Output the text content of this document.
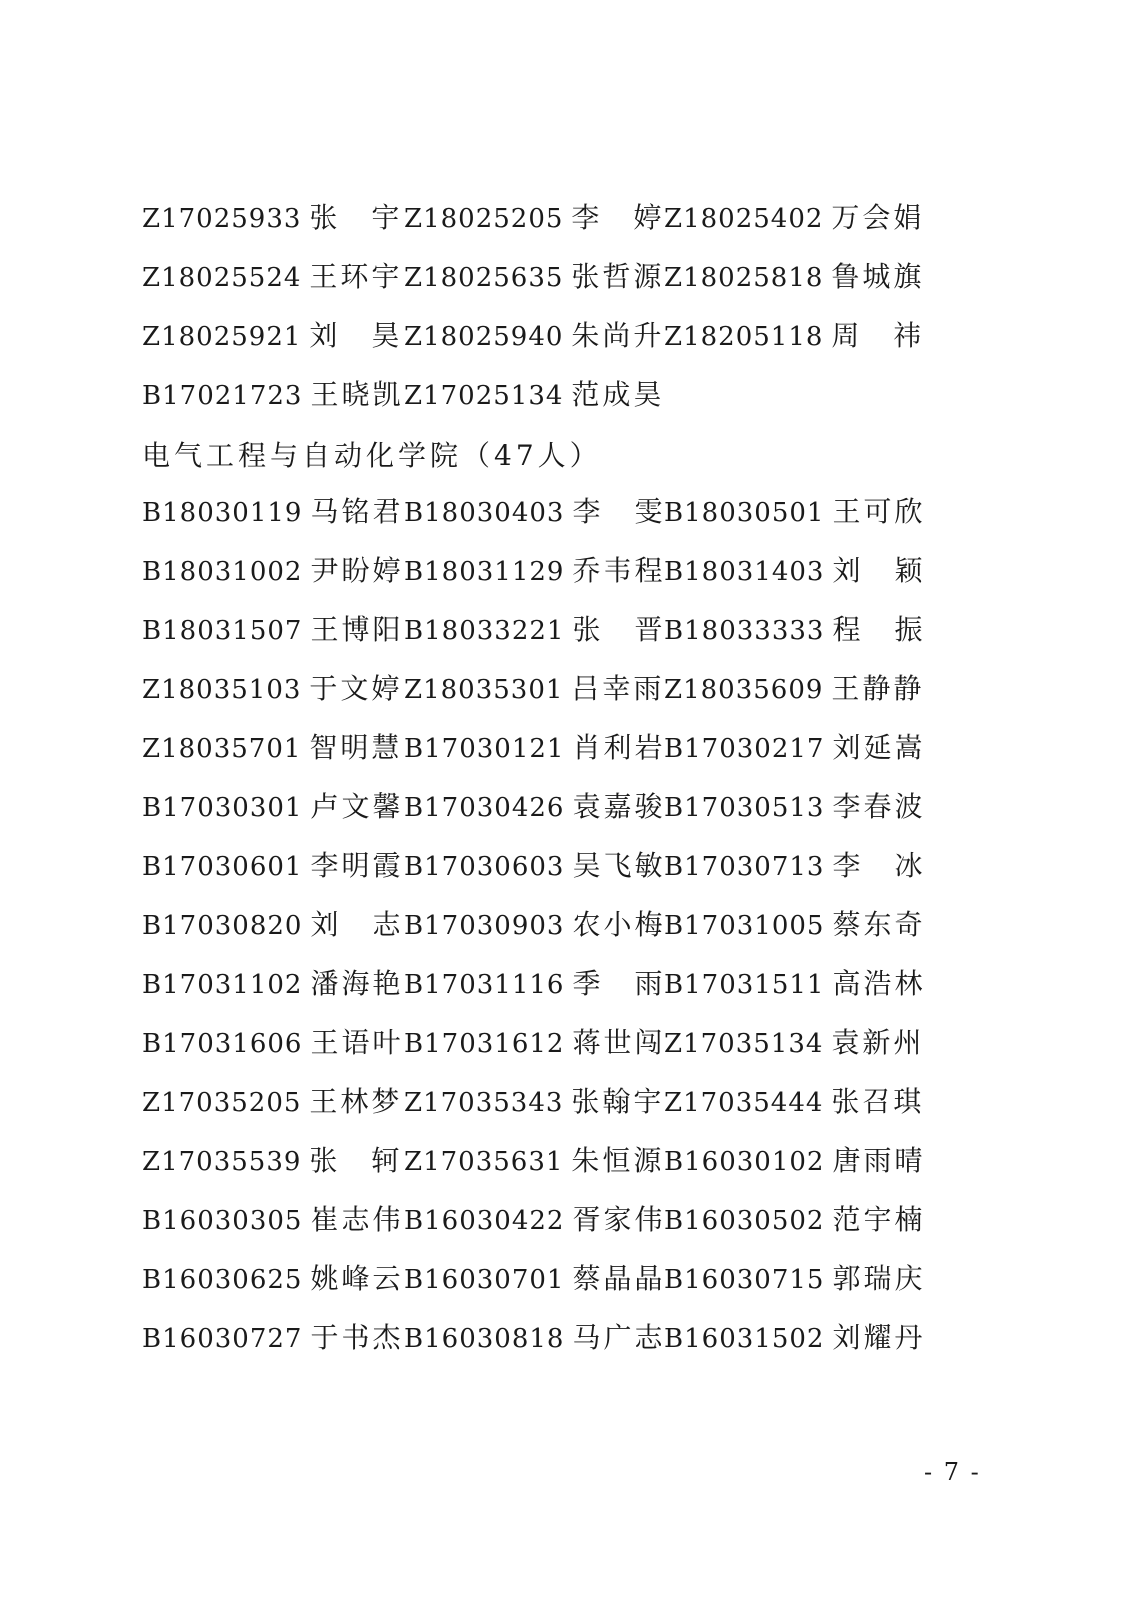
Z17025933 张　宇 Z18025205 李　婷 Z18025402 万会娟
Z18025524 王环宇 Z18025635 张哲源 Z18025818 鲁城旗
Z18025921 刘　昊 Z18025940 朱尚升 Z18205118 周　祎
B17021723 王晓凯 Z17025134 范成昊
电气工程与自动化学院（47人）
B18030119 马铭君 B18030403 李　雯
B18030501 王可欣
B18031002 尹盼婷 B18031129 乔韦程
B18031403 刘　颖
B18031507 王博阳 B18033221 张　晋
B18033333 程　振
Z18035103 于文婷 Z18035301 吕幸雨 Z18035609 王静静
Z18035701 智明慧 B17030121 肖利岩
B17030217 刘延嵩
B17030301 卢文馨 B17030426 袁嘉骏
B17030513 李春波
B17030601 李明霞 B17030603 吴飞敏
B17030713 李　冰
B17030820 刘　志 B17030903 农小梅
B17031005 蔡东奇
B17031102 潘海艳 B17031116 季　雨
B17031511 高浩林
B17031606 王语叶 B17031612 蒋世闯
Z17035134 袁新州
Z17035205 王林梦 Z17035343 张翰宇 Z17035444 张召琪
Z17035539 张　轲 Z17035631 朱恒源 B16030102 唐雨晴
B16030305 崔志伟 B16030422 胥家伟
B16030502 范宇楠
B16030625 姚峰云 B16030701 蔡晶晶
B16030715 郭瑞庆
B16030727 于书杰 B16030818 马广志
B16031502 刘耀丹
- 7 -
